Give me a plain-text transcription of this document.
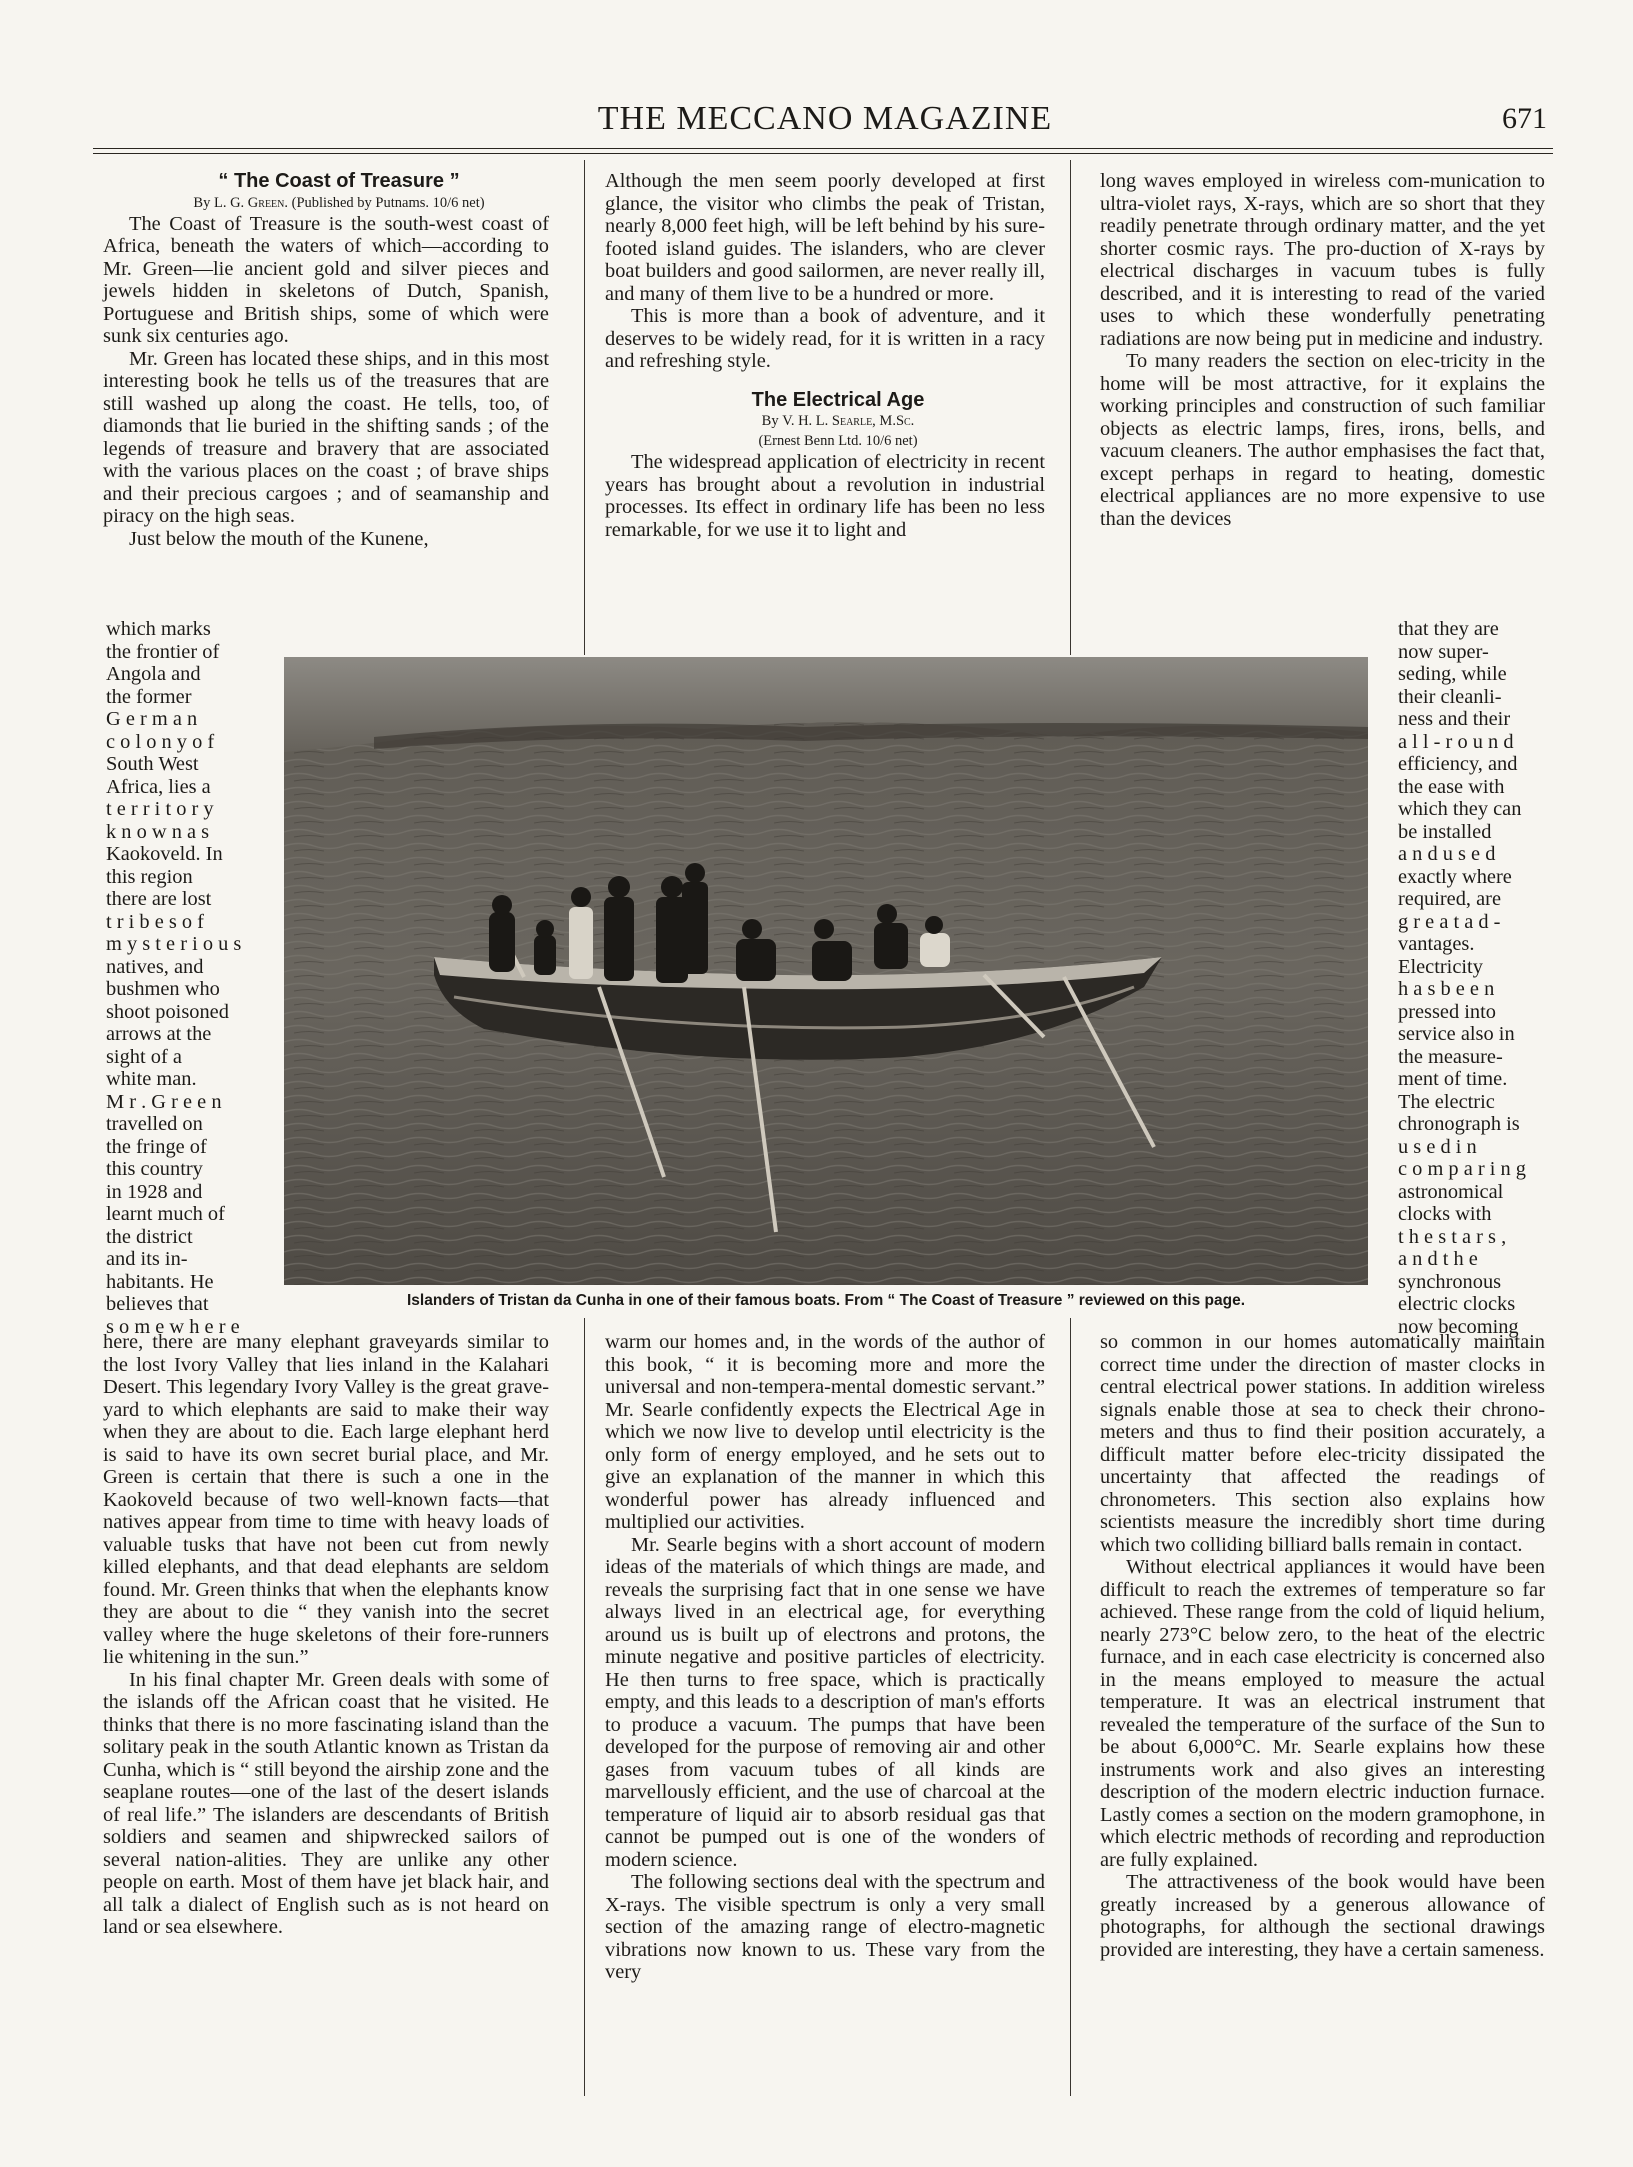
THE MECCANO MAGAZINE	671

“ The Coast of Treasure ”

By L. G. Green. (Published by Putnams. 10/6 net)

The Coast of Treasure is the south-west coast of Africa, beneath the waters of which—according to Mr. Green—lie ancient gold and silver pieces and jewels hidden in skeletons of Dutch, Spanish, Portuguese and British ships, some of which were sunk six centuries ago.

Mr. Green has located these ships, and in this most interesting book he tells us of the treasures that are still washed up along the coast. He tells, too, of diamonds that lie buried in the shifting sands ; of the legends of treasure and bravery that are associated with the various places on the coast ; of brave ships and their precious cargoes ; and of seamanship and piracy on the high seas.

Just below the mouth of the Kunene,

which marks
the frontier of
Angola and
the former
G e r m a n
c o l o n y o f
South West
Africa, lies a
t e r r i t o r y
k n o w n a s
Kaokoveld. In
this region
there are lost
t r i b e s o f
m y s t e r i o u s
natives, and
bushmen who
shoot poisoned
arrows at the
sight of a
white man.
M r . G r e e n
travelled on
the fringe of
this country
in 1928 and
learnt much of
the district
and its in-
habitants. He
believes that
s o m e w h e r e

here, there are many elephant graveyards similar to the lost Ivory Valley that lies inland in the Kalahari Desert. This legendary Ivory Valley is the great grave-yard to which elephants are said to make their way when they are about to die. Each large elephant herd is said to have its own secret burial place, and Mr. Green is certain that there is such a one in the Kaokoveld because of two well-known facts—that natives appear from time to time with heavy loads of valuable tusks that have not been cut from newly killed elephants, and that dead elephants are seldom found. Mr. Green thinks that when the elephants know they are about to die “ they vanish into the secret valley where the huge skeletons of their fore-runners lie whitening in the sun.”

In his final chapter Mr. Green deals with some of the islands off the African coast that he visited. He thinks that there is no more fascinating island than the solitary peak in the south Atlantic known as Tristan da Cunha, which is “ still beyond the airship zone and the seaplane routes—one of the last of the desert islands of real life.” The islanders are descendants of British soldiers and seamen and shipwrecked sailors of several nation-alities. They are unlike any other people on earth. Most of them have jet black hair, and all talk a dialect of English such as is not heard on land or sea elsewhere.

Although the men seem poorly developed at first glance, the visitor who climbs the peak of Tristan, nearly 8,000 feet high, will be left behind by his sure-footed island guides. The islanders, who are clever boat builders and good sailormen, are never really ill, and many of them live to be a hundred or more.

This is more than a book of adventure, and it deserves to be widely read, for it is written in a racy and refreshing style.

The Electrical Age

By V. H. L. Searle, M.Sc.

(Ernest Benn Ltd. 10/6 net)

The widespread application of electricity in recent years has brought about a revolution in industrial processes. Its effect in ordinary life has been no less remarkable, for we use it to light and

warm our homes and, in the words of the author of this book, “ it is becoming more and more the universal and non-tempera-mental domestic servant.” Mr. Searle confidently expects the Electrical Age in which we now live to develop until electricity is the only form of energy employed, and he sets out to give an explanation of the manner in which this wonderful power has already influenced and multiplied our activities.

Mr. Searle begins with a short account of modern ideas of the materials of which things are made, and reveals the surprising fact that in one sense we have always lived in an electrical age, for everything around us is built up of electrons and protons, the minute negative and positive particles of electricity. He then turns to free space, which is practically empty, and this leads to a description of man's efforts to produce a vacuum. The pumps that have been developed for the purpose of removing air and other gases from vacuum tubes of all kinds are marvellously efficient, and the use of charcoal at the temperature of liquid air to absorb residual gas that cannot be pumped out is one of the wonders of modern science.

The following sections deal with the spectrum and X-rays. The visible spectrum is only a very small section of the amazing range of electro-magnetic vibrations now known to us. These vary from the very

long waves employed in wireless com-munication to ultra-violet rays, X-rays, which are so short that they readily penetrate through ordinary matter, and the yet shorter cosmic rays. The pro-duction of X-rays by electrical discharges in vacuum tubes is fully described, and it is interesting to read of the varied uses to which these wonderfully penetrating radiations are now being put in medicine and industry.

To many readers the section on elec-tricity in the home will be most attractive, for it explains the working principles and construction of such familiar objects as electric lamps, fires, irons, bells, and vacuum cleaners. The author emphasises the fact that, except perhaps in regard to heating, domestic electrical appliances are no more expensive to use than the devices

that they are
now super-
seding, while
their cleanli-
ness and their
a l l - r o u n d
efficiency, and
the ease with
which they can
be installed
a n d u s e d
exactly where
required, are
g r e a t a d -
vantages.
Electricity
h a s b e e n
pressed into
service also in
the measure-
ment of time.
The electric
chronograph is
u s e d i n
c o m p a r i n g
astronomical
clocks with
t h e s t a r s ,
a n d t h e
synchronous
electric clocks
now becoming

so common in our homes automatically maintain correct time under the direction of master clocks in central electrical power stations. In addition wireless signals enable those at sea to check their chrono-meters and thus to find their position accurately, a difficult matter before elec-tricity dissipated the uncertainty that affected the readings of chronometers. This section also explains how scientists measure the incredibly short time during which two colliding billiard balls remain in contact.

Without electrical appliances it would have been difficult to reach the extremes of temperature so far achieved. These range from the cold of liquid helium, nearly 273°C below zero, to the heat of the electric furnace, and in each case electricity is concerned also in the means employed to measure the actual temperature. It was an electrical instrument that revealed the temperature of the surface of the Sun to be about 6,000°C. Mr. Searle explains how these instruments work and also gives an interesting description of the modern electric induction furnace. Lastly comes a section on the modern gramophone, in which electric methods of recording and reproduction are fully explained.

The attractiveness of the book would have been greatly increased by a generous allowance of photographs, for although the sectional drawings provided are interesting, they have a certain sameness.

Islanders of Tristan da Cunha in one of their famous boats. From “ The Coast of Treasure ” reviewed on this page.
